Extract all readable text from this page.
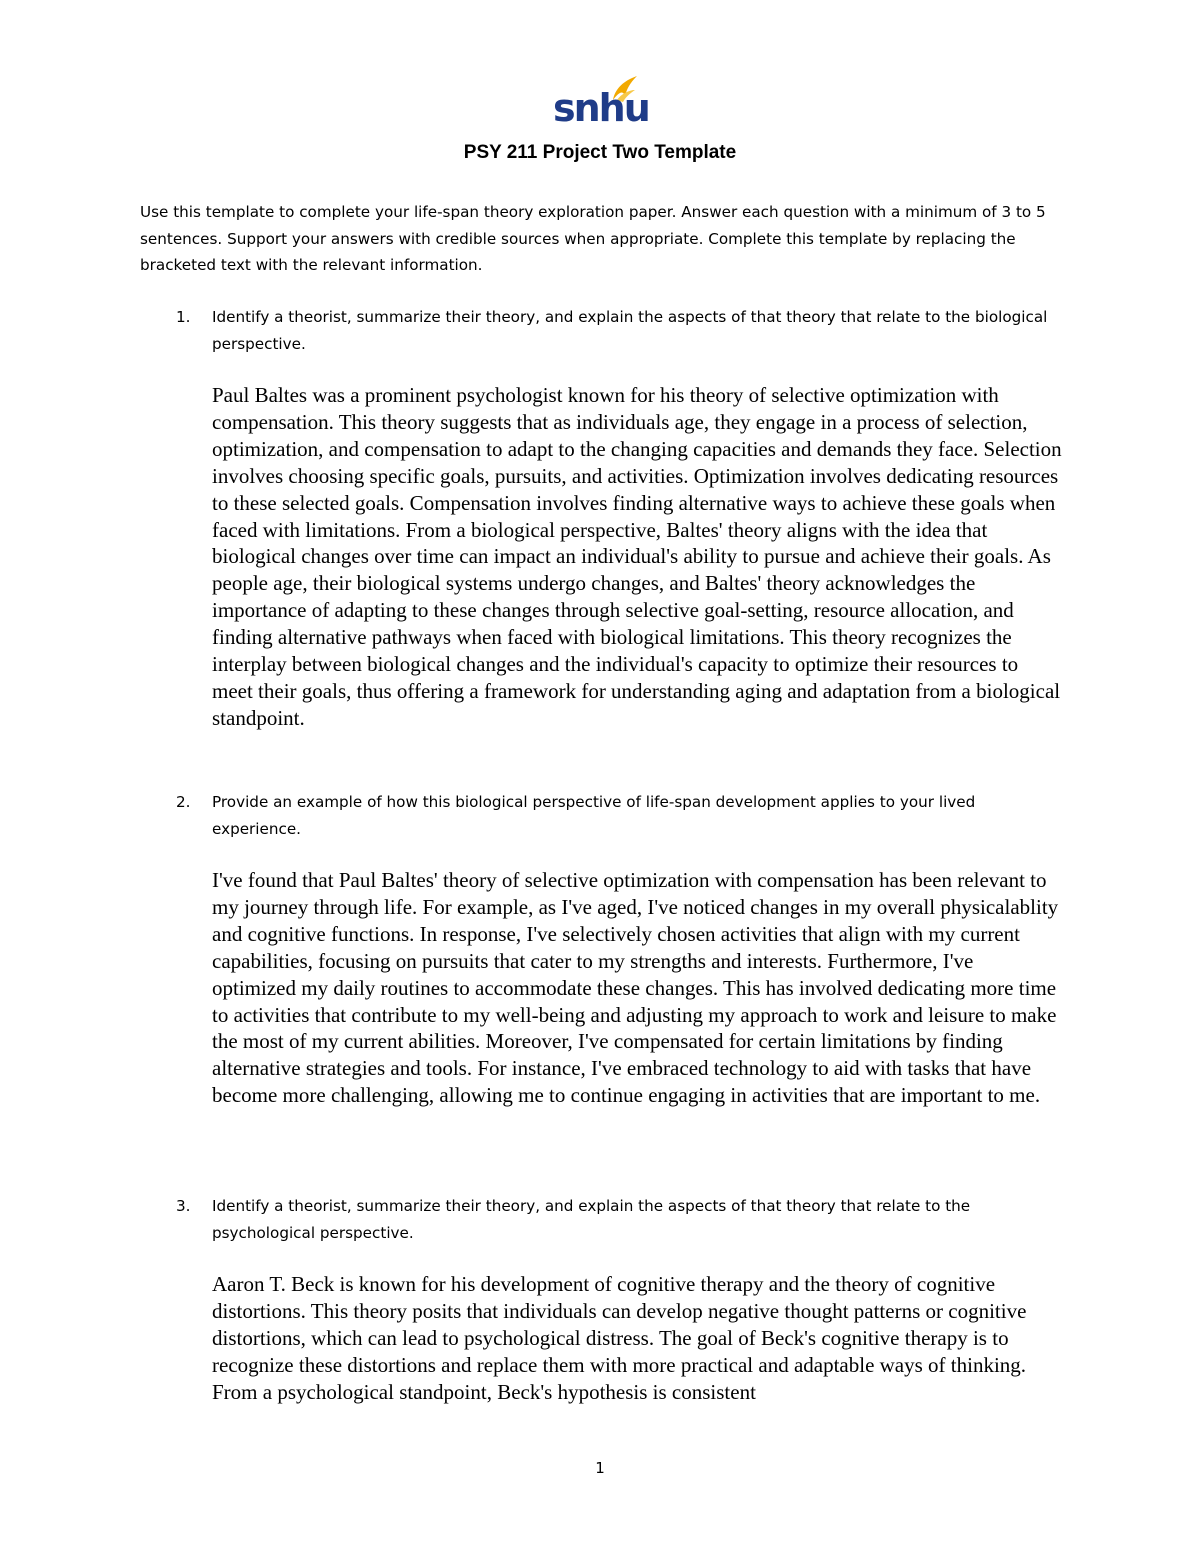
snhu
PSY 211 Project Two Template
Use this template to complete your life-span theory exploration paper. Answer each question with a minimum of 3 to 5 sentences. Support your answers with credible sources when appropriate. Complete this template by replacing the bracketed text with the relevant information.
1. Identify a theorist, summarize their theory, and explain the aspects of that theory that relate to the biological perspective.
Paul Baltes was a prominent psychologist known for his theory of selective optimization with compensation. This theory suggests that as individuals age, they engage in a process of selection, optimization, and compensation to adapt to the changing capacities and demands they face. Selection involves choosing specific goals, pursuits, and activities. Optimization involves dedicating resources to these selected goals. Compensation involves finding alternative ways to achieve these goals when faced with limitations. From a biological perspective, Baltes' theory aligns with the idea that biological changes over time can impact an individual's ability to pursue and achieve their goals. As people age, their biological systems undergo changes, and Baltes' theory acknowledges the importance of adapting to these changes through selective goal-setting, resource allocation, and finding alternative pathways when faced with biological limitations. This theory recognizes the interplay between biological changes and the individual's capacity to optimize their resources to meet their goals, thus offering a framework for understanding aging and adaptation from a biological standpoint.
2. Provide an example of how this biological perspective of life-span development applies to your lived experience.
I've found that Paul Baltes' theory of selective optimization with compensation has been relevant to my journey through life. For example, as I've aged, I've noticed changes in my overall physicalablity and cognitive functions. In response, I've selectively chosen activities that align with my current capabilities, focusing on pursuits that cater to my strengths and interests. Furthermore, I've optimized my daily routines to accommodate these changes. This has involved dedicating more time to activities that contribute to my well-being and adjusting my approach to work and leisure to make the most of my current abilities. Moreover, I've compensated for certain limitations by finding alternative strategies and tools. For instance, I've embraced technology to aid with tasks that have become more challenging, allowing me to continue engaging in activities that are important to me.
3. Identify a theorist, summarize their theory, and explain the aspects of that theory that relate to the psychological perspective.
Aaron T. Beck is known for his development of cognitive therapy and the theory of cognitive distortions. This theory posits that individuals can develop negative thought patterns or cognitive distortions, which can lead to psychological distress. The goal of Beck's cognitive therapy is to recognize these distortions and replace them with more practical and adaptable ways of thinking. From a psychological standpoint, Beck's hypothesis is consistent
1
